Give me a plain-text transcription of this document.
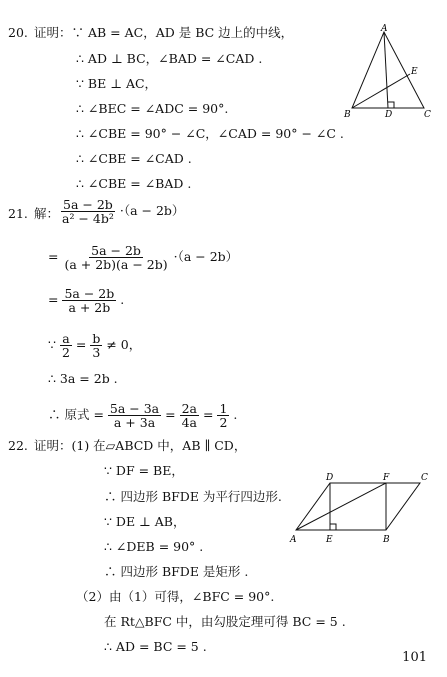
20. 证明：∵ AB = AC，AD 是 BC 边上的中线，
∴ AD ⊥ BC，∠BAD = ∠CAD .
∵ BE ⊥ AC，
∴ ∠BEC = ∠ADC = 90°.
∴ ∠CBE = 90° − ∠C，∠CAD = 90° − ∠C .
∴ ∠CBE = ∠CAD .
∴ ∠CBE = ∠BAD .
A
B	D	C
E
21. 解： $\frac{5a - 2b}{\text{a² − 4b²}} \cdot(a - 2b)$
= $\frac{5a - 2b}{(a + 2b)(a - 2b)} \cdot(a - 2b)$
= $\frac{5a - 2b}{a + 2b}$ .
∵ $\frac{a}{2} = \frac{b}{3} \ne 0$，
∴ 3a = 2b .
∴ 原式 = $\frac{5a - 3a}{a + 3a} = \frac{2a}{4a} = \frac{1}{2}$ .
22. 证明：(1) 在▱ABCD 中，AB ∥ CD，
∵ DF = BE，
∴ 四边形 BFDE 为平行四边形.
∵ DE ⊥ AB，
∴ ∠DEB = 90° .
∴ 四边形 BFDE 是矩形 .
（2）由（1）可得，∠BFC = 90°.
在 Rt△BFC 中，由勾股定理可得 BC = 5 .
∴ AD = BC = 5 .
A	E	B
D	F	C
101
